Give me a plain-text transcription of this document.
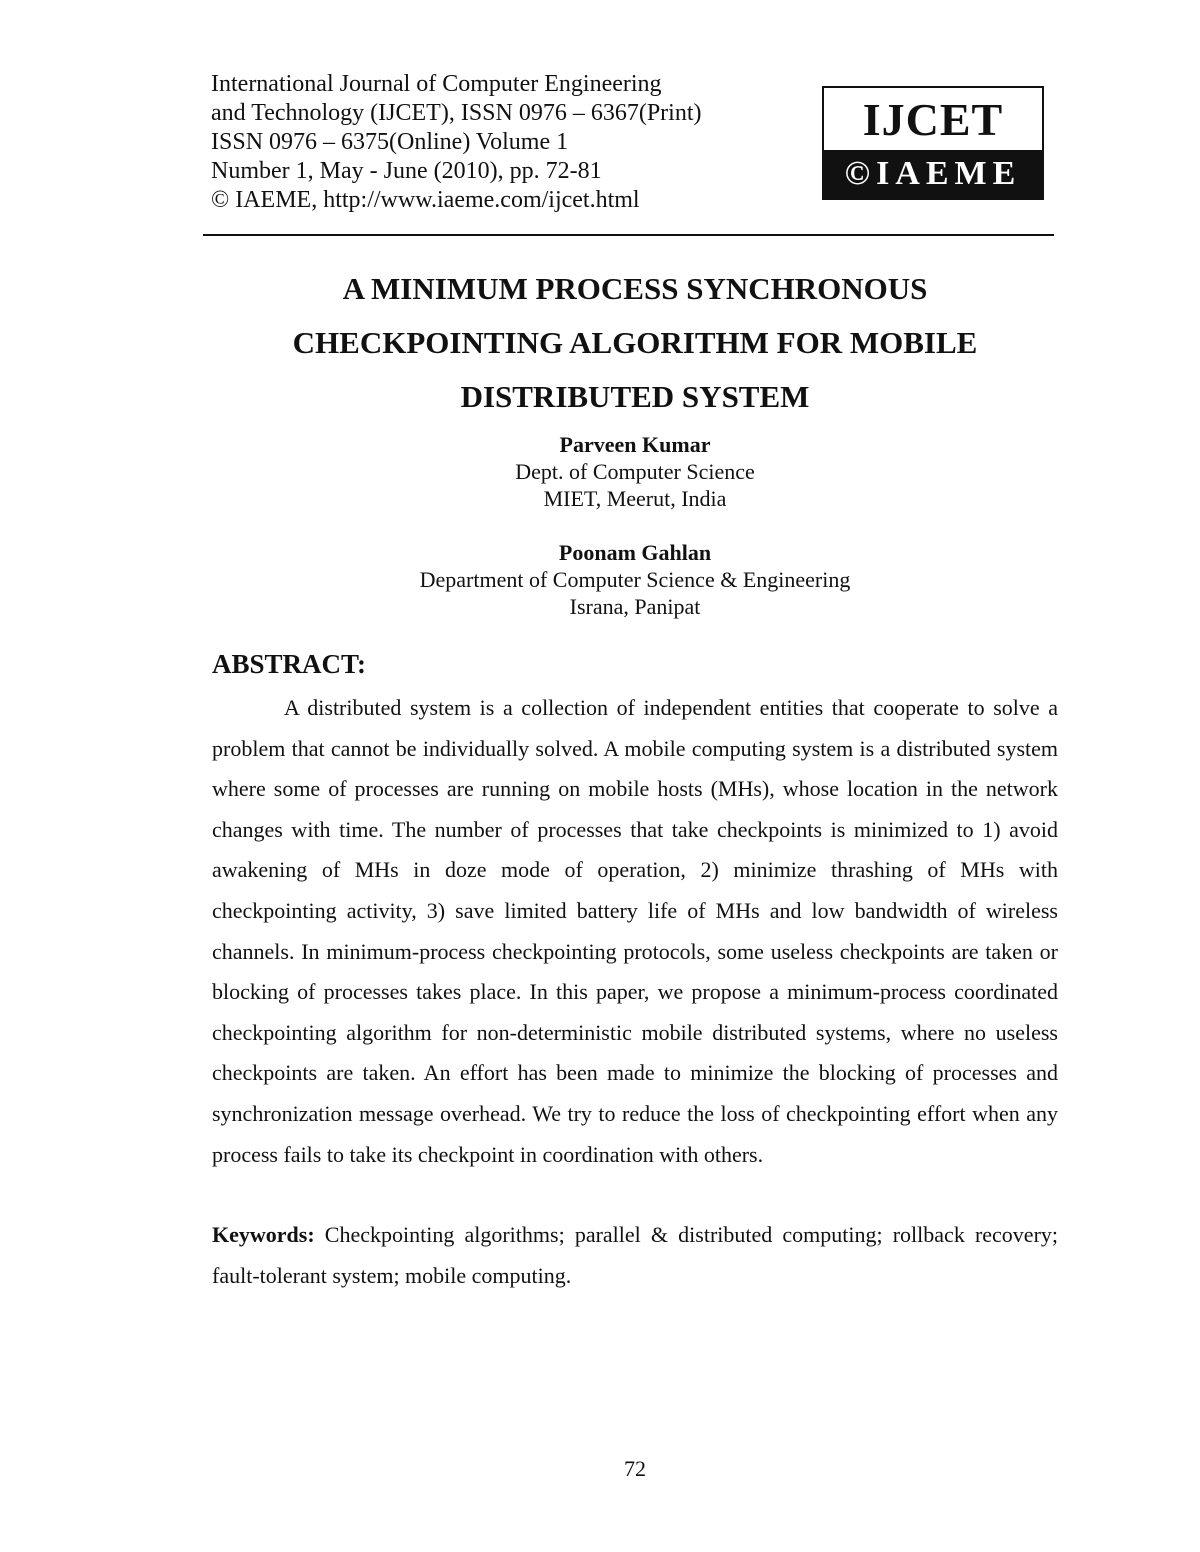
International Journal of Computer Engineering
and Technology (IJCET), ISSN 0976 – 6367(Print)
ISSN 0976 – 6375(Online) Volume 1
Number 1, May - June (2010), pp. 72-81
© IAEME, http://www.iaeme.com/ijcet.html
IJCET
©IAEME
A MINIMUM PROCESS SYNCHRONOUS
CHECKPOINTING ALGORITHM FOR MOBILE
DISTRIBUTED SYSTEM
Parveen Kumar
Dept. of Computer Science
MIET, Meerut, India
Poonam Gahlan
Department of Computer Science & Engineering
Israna, Panipat
ABSTRACT:
A distributed system is a collection of independent entities that cooperate to solve a problem that cannot be individually solved. A mobile computing system is a distributed system where some of processes are running on mobile hosts (MHs), whose location in the network changes with time. The number of processes that take checkpoints is minimized to 1) avoid awakening of MHs in doze mode of operation, 2) minimize thrashing of MHs with checkpointing activity, 3) save limited battery life of MHs and low bandwidth of wireless channels. In minimum-process checkpointing protocols, some useless checkpoints are taken or blocking of processes takes place. In this paper, we propose a minimum-process coordinated checkpointing algorithm for non-deterministic mobile distributed systems, where no useless checkpoints are taken. An effort has been made to minimize the blocking of processes and synchronization message overhead. We try to reduce the loss of checkpointing effort when any process fails to take its checkpoint in coordination with others.
Keywords: Checkpointing algorithms; parallel & distributed computing; rollback recovery; fault-tolerant system; mobile computing.
72
